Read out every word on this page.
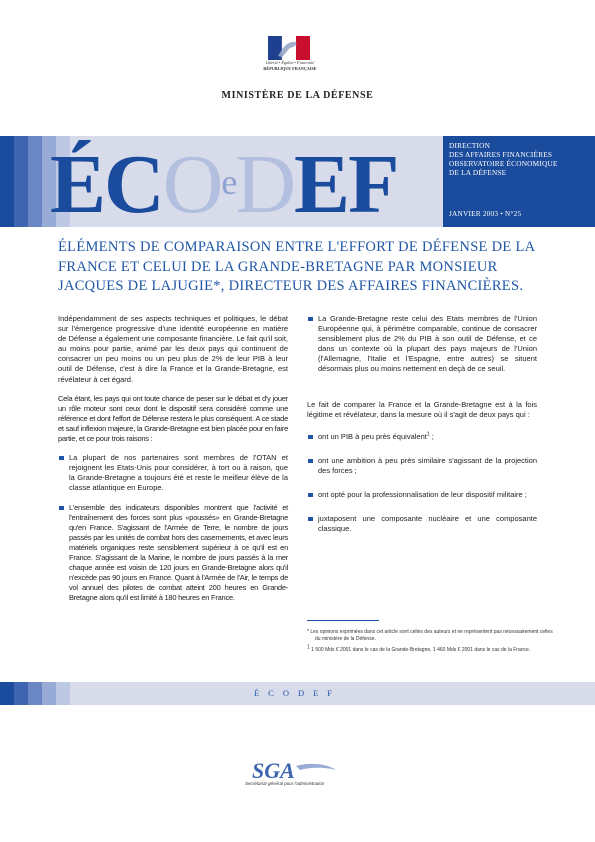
Liberté • Égalité • Fraternité
RÉPUBLIQUE FRANÇAISE
MINISTÈRE DE LA DÉFENSE
ÉCOeDEF	DIRECTION
DES AFFAIRES FINANCIÈRES
OBSERVATOIRE ÉCONOMIQUE
DE LA DÉFENSE
JANVIER 2003 • N°25
ÉLÉMENTS DE COMPARAISON ENTRE L'EFFORT DE DÉFENSE DE LA FRANCE ET CELUI DE LA GRANDE-BRETAGNE PAR MONSIEUR JACQUES DE LAJUGIE*, DIRECTEUR DES AFFAIRES FINANCIÈRES.

Indépendamment de ses aspects techniques et politiques, le débat sur l'émergence progressive d'une identité européenne en matière de Défense a également une composante financière. Le fait qu'il soit, au moins pour partie, animé par les deux pays qui continuent de consacrer un peu moins ou un peu plus de 2% de leur PIB à leur outil de Défense, c'est à dire la France et la Grande-Bretagne, est révélateur à cet égard.

Cela étant, les pays qui ont toute chance de peser sur le débat et d'y jouer un rôle moteur sont ceux dont le dispositif sera considéré comme une référence et dont l'effort de Défense restera le plus conséquent. A ce stade et sauf inflexion majeure, la Grande-Bretagne est bien placée pour en faire partie, et ce pour trois raisons :

La plupart de nos partenaires sont membres de l'OTAN et rejoignent les Etats-Unis pour considérer, à tort ou à raison, que la Grande-Bretagne a toujours été et reste le meilleur élève de la classe atlantique en Europe.
L'ensemble des indicateurs disponibles montrent que l'activité et l'entraînement des forces sont plus «poussés» en Grande-Bretagne qu'en France. S'agissant de l'Armée de Terre, le nombre de jours passés par les unités de combat hors des casernements, et avec leurs matériels organiques reste sensiblement supérieur à ce qu'il est en France. S'agissant de la Marine, le nombre de jours passés à la mer chaque année est voisin de 120 jours en Grande-Bretagne alors qu'il n'excède pas 90 jours en France. Quant à l'Armée de l'Air, le temps de vol annuel des pilotes de combat atteint 200 heures en Grande-Bretagne alors qu'il est limité à 180 heures en France.
La Grande-Bretagne reste celui des Etats membres de l'Union Européenne qui, à périmètre comparable, continue de consacrer sensiblement plus de 2% du PIB à son outil de Défense, et ce dans un contexte où la plupart des pays majeurs de l'Union (l'Allemagne, l'Italie et l'Espagne, entre autres) se situent désormais plus ou moins nettement en deçà de ce seuil.

Le fait de comparer la France et la Grande-Bretagne est à la fois légitime et révélateur, dans la mesure où il s'agit de deux pays qui :

ont un PIB à peu près équivalent$^1$ ;
ont une ambition à peu près similaire s'agissant de la projection des forces ;
ont opté pour la professionnalisation de leur dispositif militaire ;
juxtaposent une composante nucléaire et une composante classique.

* Les opinions exprimées dans cet article sont celles des auteurs et ne représentent pas nécessairement celles
du ministère de la Défense.

$^1$ 1 500 Mds € 2001 dans le cas de la Grande-Bretagne, 1 460 Mds € 2001 dans le cas de la France.

ÉCODEF
SGA
Secrétariat général pour l'administration
